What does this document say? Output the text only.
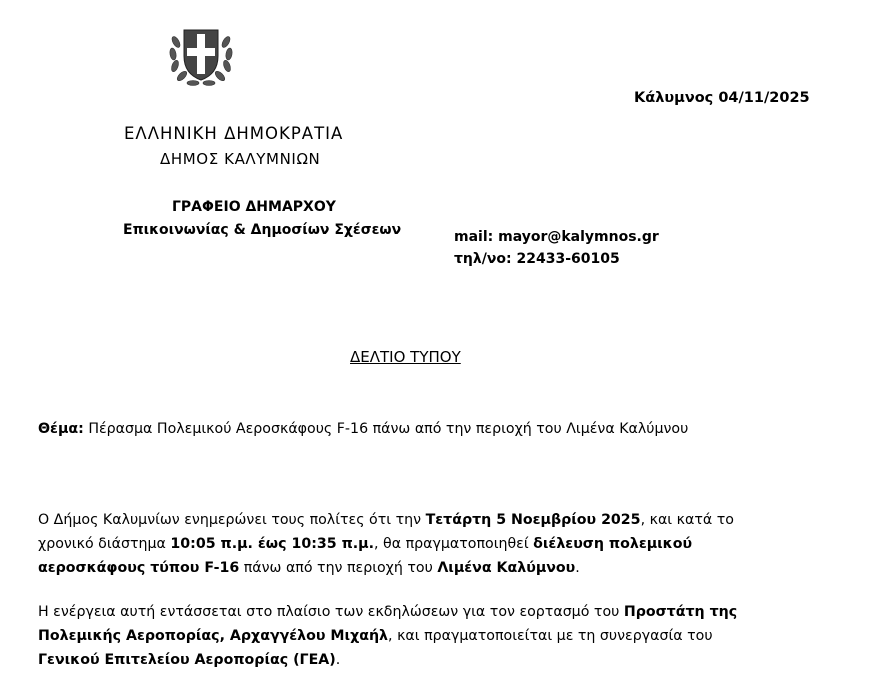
Κάλυμνος 04/11/2025
ΕΛΛΗΝΙΚΗ ΔΗΜΟΚΡΑΤΙΑ
ΔΗΜΟΣ ΚΑΛΥΜΝΙΩΝ
ΓΡΑΦΕΙΟ ΔΗΜΑΡΧΟΥ
Επικοινωνίας & Δημοσίων Σχέσεων	mail: mayor@kalymnos.gr
τηλ/νο: 22433-60105
ΔΕΛΤΙΟ ΤΥΠΟΥ
Θέμα: Πέρασμα Πολεμικού Αεροσκάφους F-16 πάνω από την περιοχή του Λιμένα Καλύμνου
Ο Δήμος Καλυμνίων ενημερώνει τους πολίτες ότι την Τετάρτη 5 Νοεμβρίου 2025, και κατά το
χρονικό διάστημα 10:05 π.μ. έως 10:35 π.μ., θα πραγματοποιηθεί διέλευση πολεμικού
αεροσκάφους τύπου F-16 πάνω από την περιοχή του Λιμένα Καλύμνου.
Η ενέργεια αυτή εντάσσεται στο πλαίσιο των εκδηλώσεων για τον εορτασμό του Προστάτη της
Πολεμικής Αεροπορίας, Αρχαγγέλου Μιχαήλ, και πραγματοποιείται με τη συνεργασία του
Γενικού Επιτελείου Αεροπορίας (ΓΕΑ).
